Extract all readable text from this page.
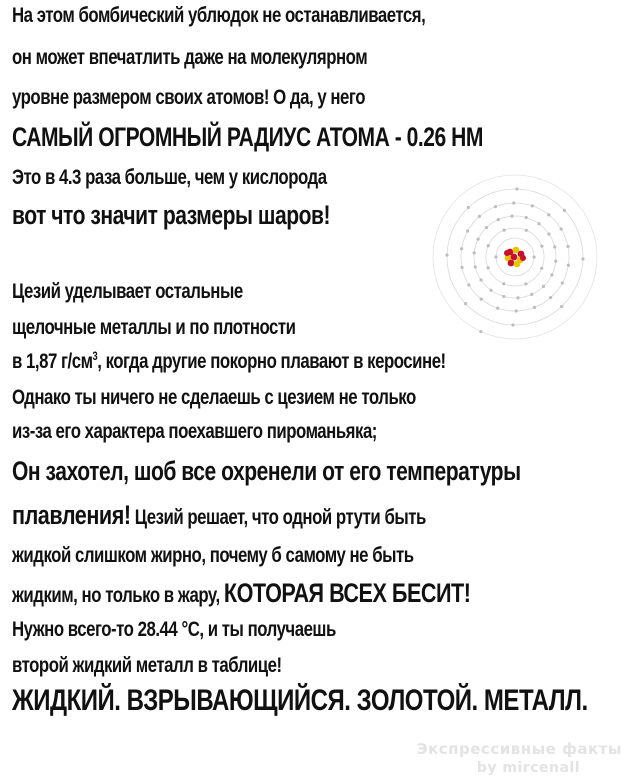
На этом бомбический ублюдок не останавливается,
он может впечатлить даже на молекулярном
уровне размером своих атомов! О да, у него
САМЫЙ ОГРОМНЫЙ РАДИУС АТОМА - 0.26 НМ
Это в 4.3 раза больше, чем у кислорода
вот что значит размеры шаров!
Цезий уделывает остальные
щелочные металлы и по плотности
в 1,87 $г/см^3$, когда другие покорно плавают в керосине!
Однако ты ничего не сделаешь с цезием не только
из-за его характера поехавшего пироманьяка;
Он захотел, шоб все охренели от его температуры
плавления! Цезий решает, что одной ртути быть
жидкой слишком жирно, почему б самому не быть
жидким, но только в жару, КОТОРАЯ ВСЕХ БЕСИТ!
Нужно всего-то 28.44 °C, и ты получаешь
второй жидкий металл в таблице!
ЖИДКИЙ. ВЗРЫВАЮЩИЙСЯ. ЗОЛОТОЙ. МЕТАЛЛ.
Экспрессивные факты
by mircenall
